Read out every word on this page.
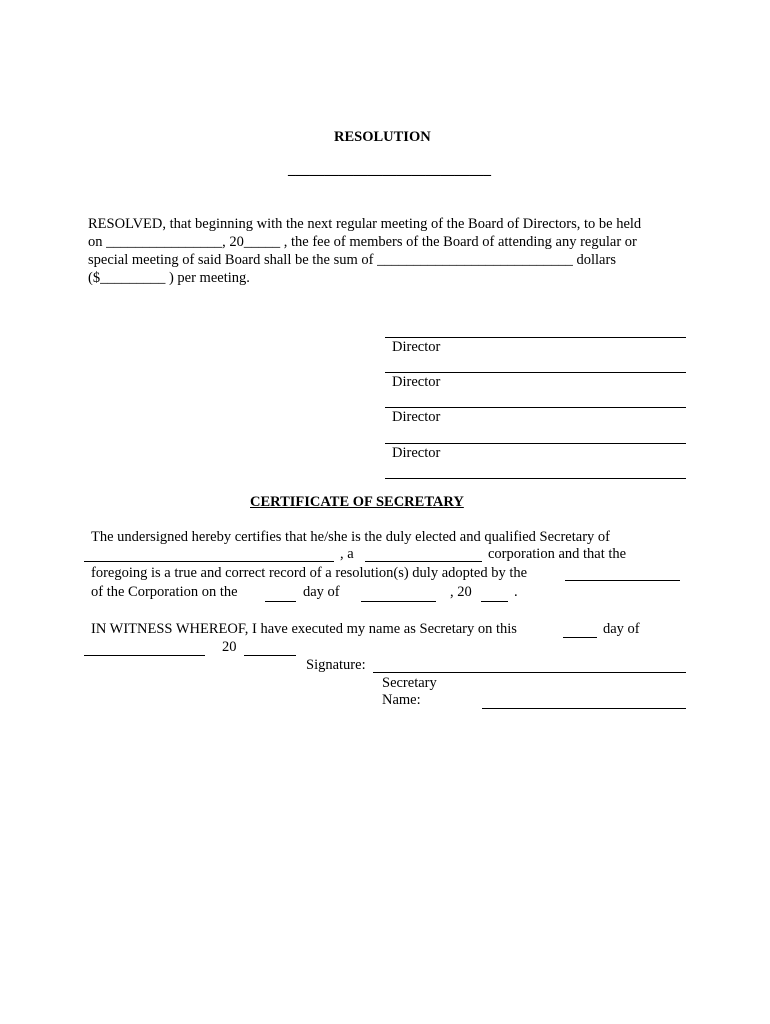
RESOLUTION
____________________________
RESOLVED, that beginning with the next regular meeting of the Board of Directors, to be held
on ________________, 20_____ , the fee of members of the Board of attending any regular or
special meeting of said Board shall be the sum of ___________________________ dollars
($_________ ) per meeting.
Director
Director
Director
Director
CERTIFICATE OF SECRETARY
The undersigned hereby certifies that he/she is the duly elected and qualified Secretary of
, a	corporation and that the
foregoing is a true and correct record of a resolution(s) duly adopted by the
of the Corporation on the	day of	, 20	.
IN WITNESS WHEREOF, I have executed my name as Secretary on this	day of
20
Signature:
Secretary
Name:
